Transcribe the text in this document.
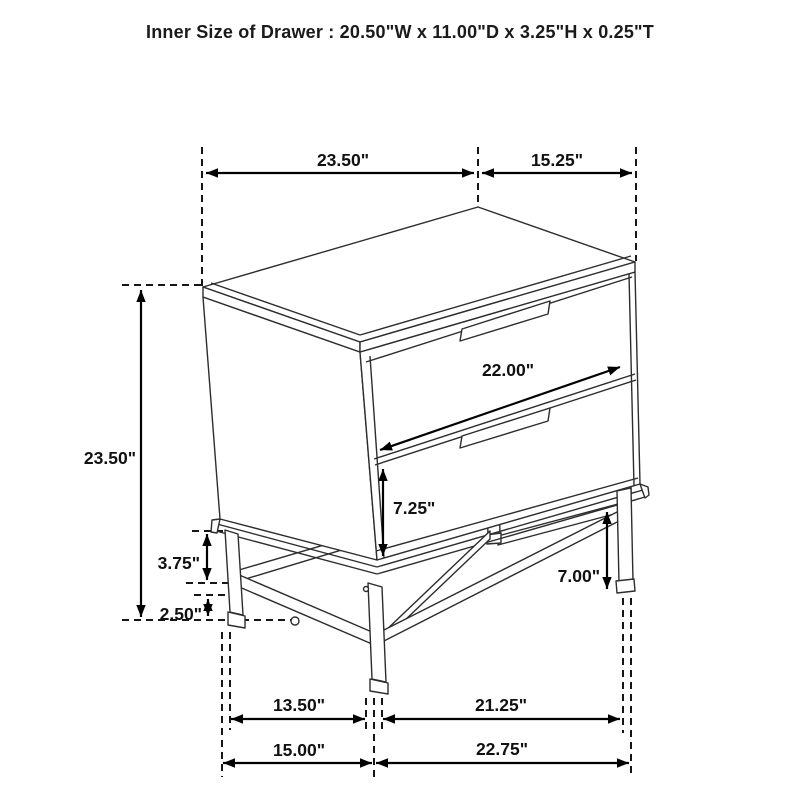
Inner Size of Drawer : 20.50"W x 11.00"D x 3.25"H x 0.25"T
23.50"	15.25"
23.50"
22.00"
7.25"
7.00"
3.75"
2.50"
13.50"	21.25"
15.00"	22.75"
